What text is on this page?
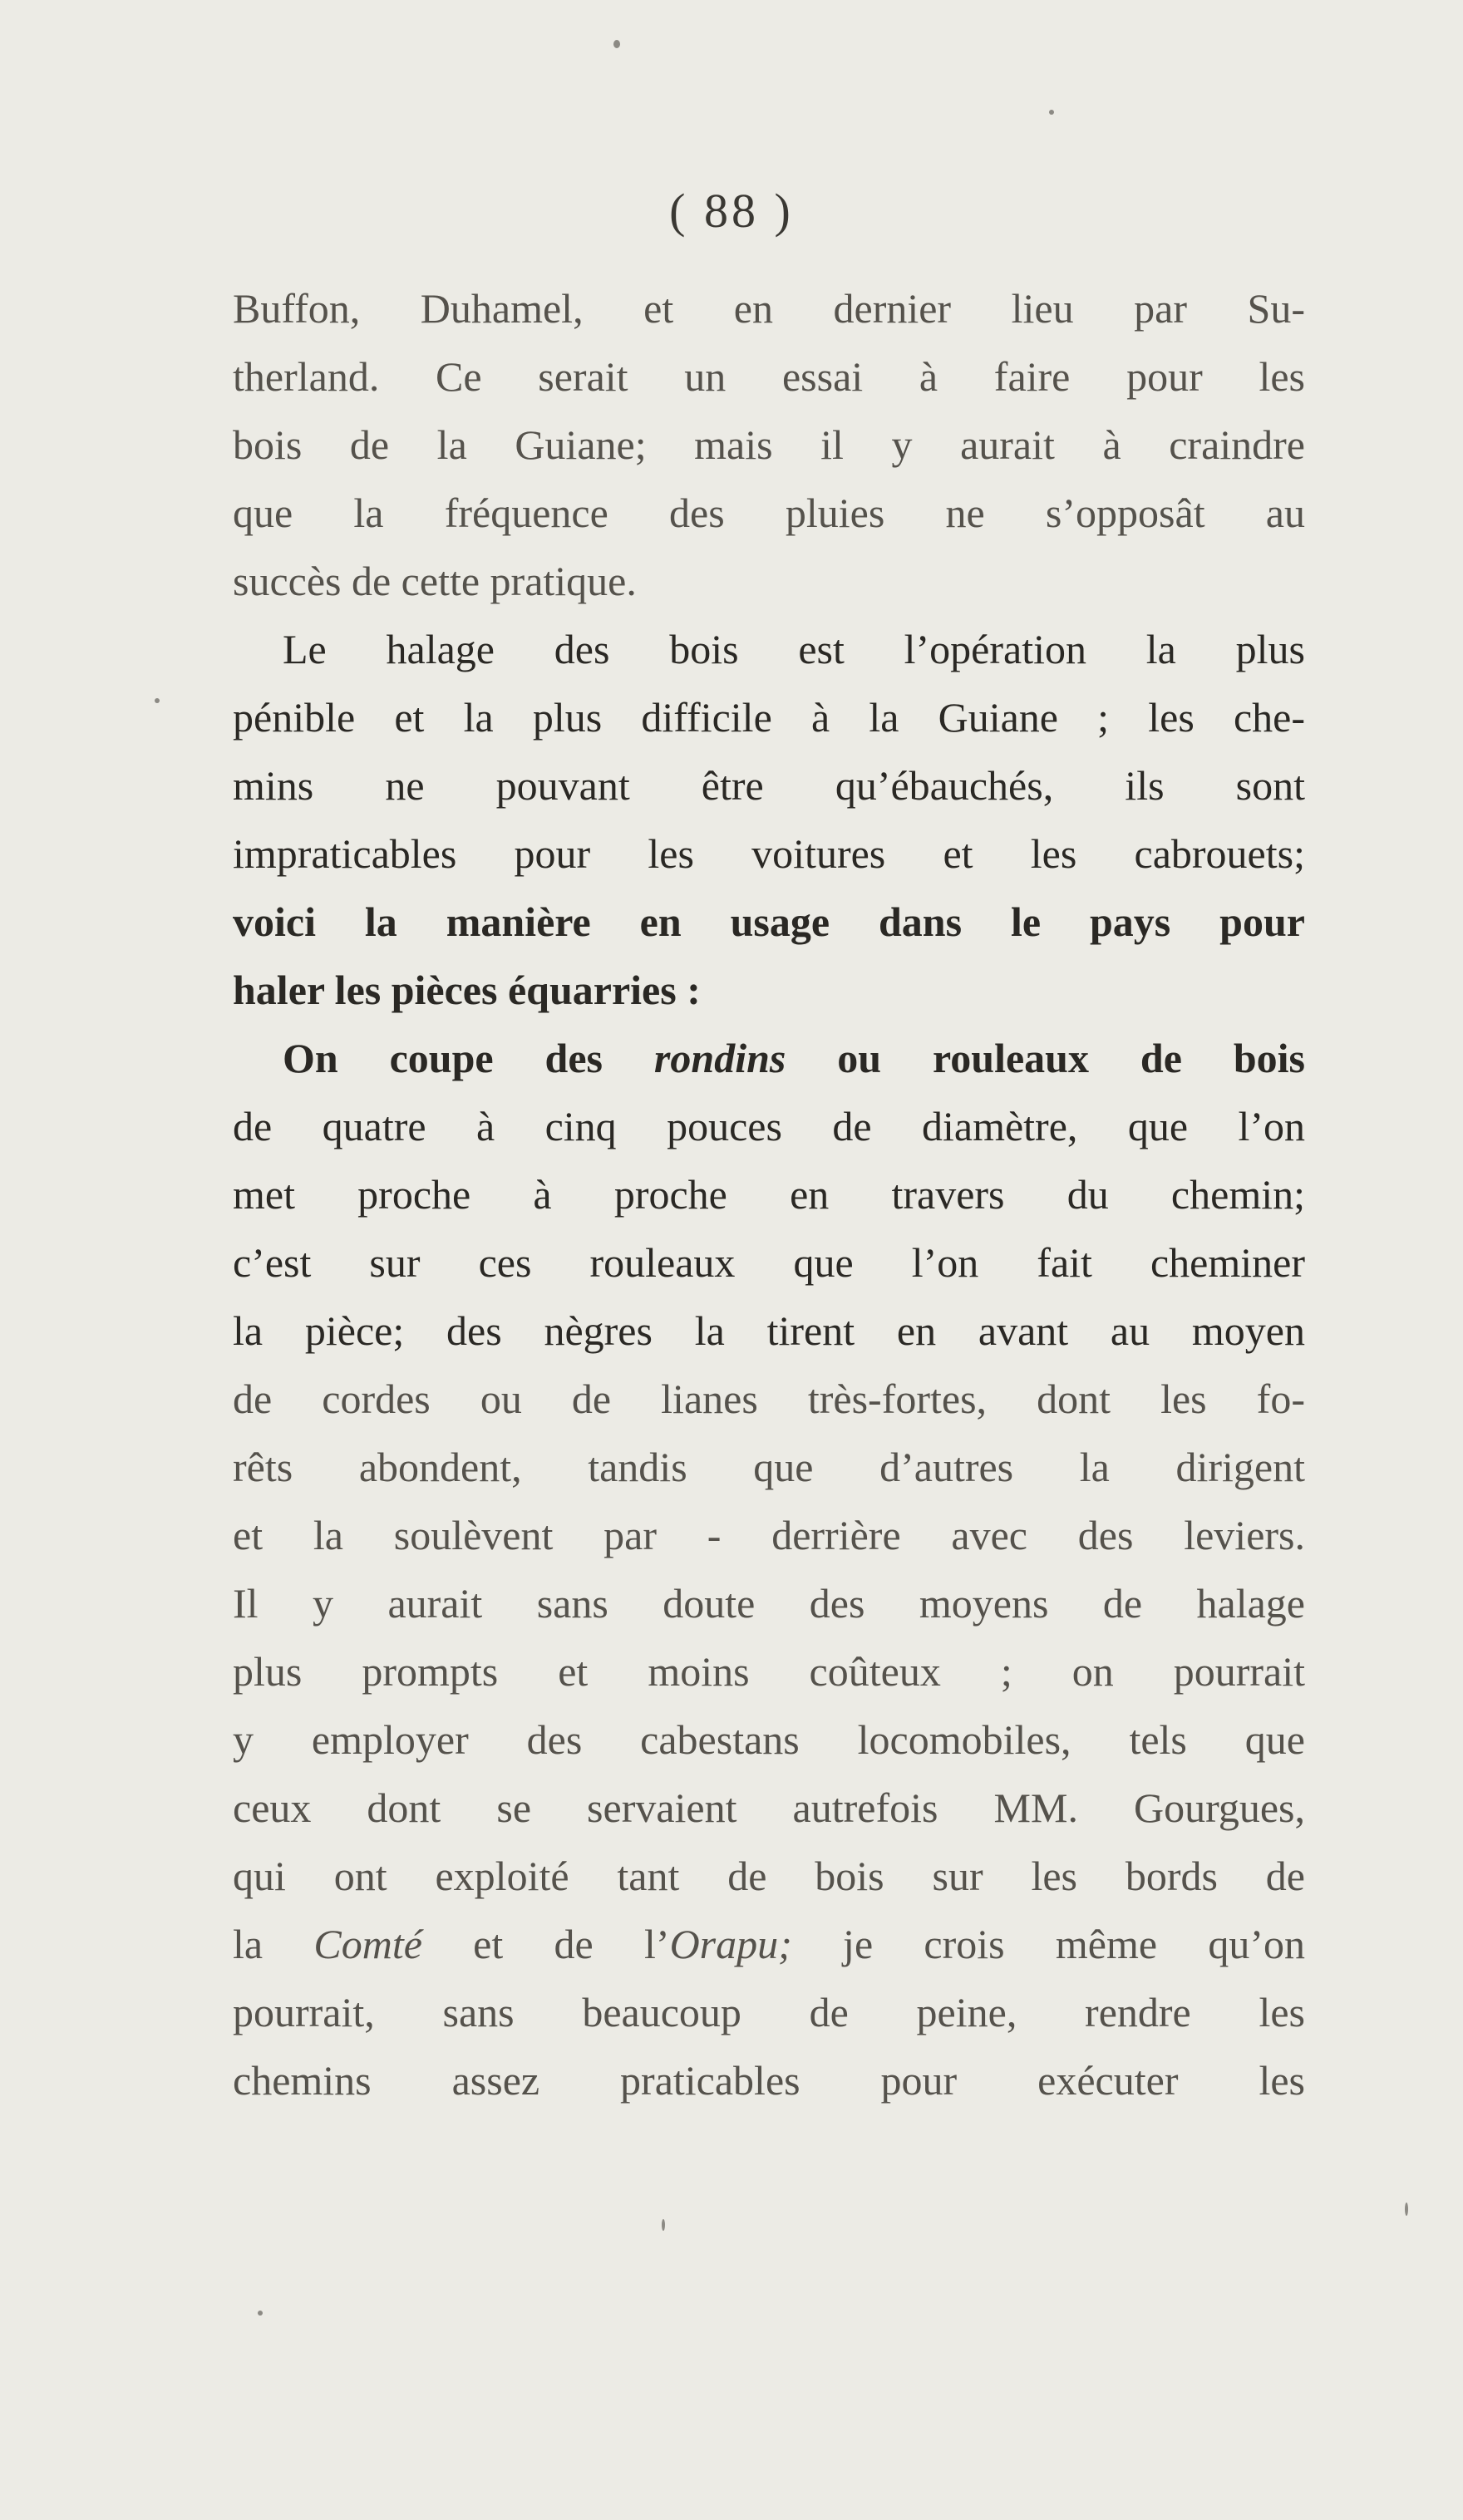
( 88 )
Buffon, Duhamel, et en dernier lieu par Su-
therland. Ce serait un essai à faire pour les
bois de la Guiane; mais il y aurait à craindre
que la fréquence des pluies ne s’opposât au
succès de cette pratique.
Le halage des bois est l’opération la plus
pénible et la plus difficile à la Guiane ; les che-
mins ne pouvant être qu’ébauchés, ils sont
impraticables pour les voitures et les cabrouets;
voici la manière en usage dans le pays pour
haler les pièces équarries :
On coupe des rondins ou rouleaux de bois
de quatre à cinq pouces de diamètre, que l’on
met proche à proche en travers du chemin;
c’est sur ces rouleaux que l’on fait cheminer
la pièce; des nègres la tirent en avant au moyen
de cordes ou de lianes très-fortes, dont les fo-
rêts abondent, tandis que d’autres la dirigent
et la soulèvent par - derrière avec des leviers.
Il y aurait sans doute des moyens de halage
plus prompts et moins coûteux ; on pourrait
y employer des cabestans locomobiles, tels que
ceux dont se servaient autrefois MM. Gourgues,
qui ont exploité tant de bois sur les bords de
la Comté et de l’Orapu; je crois même qu’on
pourrait, sans beaucoup de peine, rendre les
chemins assez praticables pour exécuter les
